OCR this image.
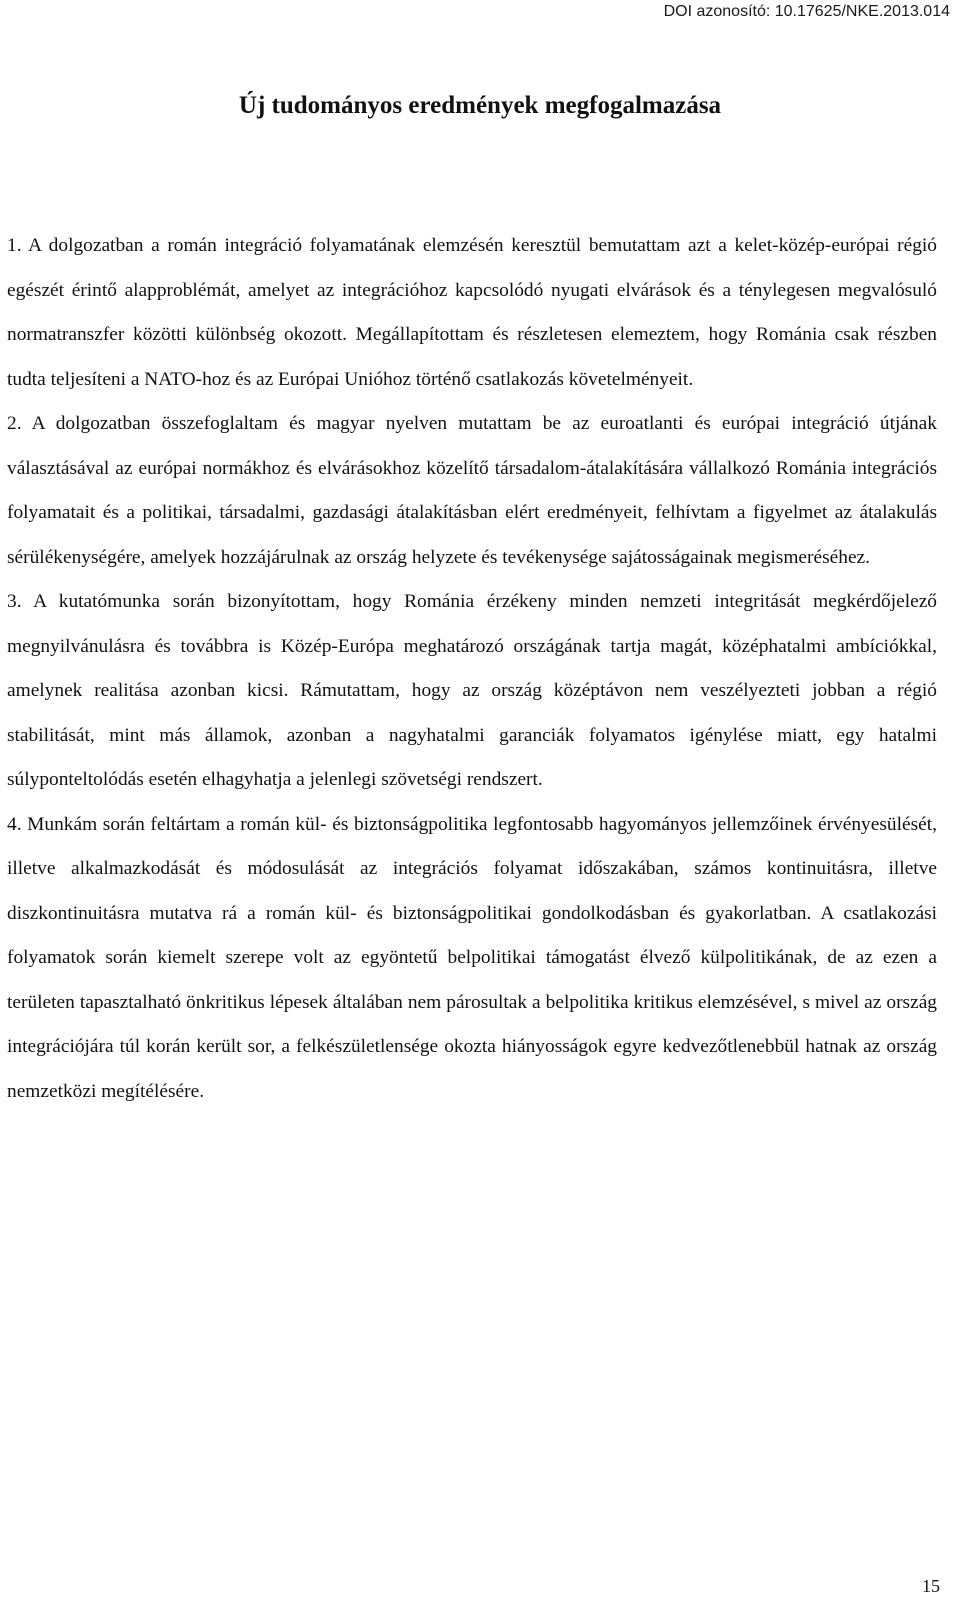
DOI azonosító: 10.17625/NKE.2013.014
Új tudományos eredmények megfogalmazása

1. A dolgozatban a román integráció folyamatának elemzésén keresztül bemutattam azt a kelet-közép-európai régió egészét érintő alapproblémát, amelyet az integrációhoz kapcsolódó nyugati elvárások és a ténylegesen megvalósuló normatranszfer közötti különbség okozott. Megállapítottam és részletesen elemeztem, hogy Románia csak részben tudta teljesíteni a NATO-hoz és az Európai Unióhoz történő csatlakozás követelményeit.

2. A dolgozatban összefoglaltam és magyar nyelven mutattam be az euroatlanti és európai integráció útjának választásával az európai normákhoz és elvárásokhoz közelítő társadalom-átalakítására vállalkozó Románia integrációs folyamatait és a politikai, társadalmi, gazdasági átalakításban elért eredményeit, felhívtam a figyelmet az átalakulás sérülékenységére, amelyek hozzájárulnak az ország helyzete és tevékenysége sajátosságainak megismeréséhez.

3. A kutatómunka során bizonyítottam, hogy Románia érzékeny minden nemzeti integritását megkérdőjelező megnyilvánulásra és továbbra is Közép-Európa meghatározó országának tartja magát, középhatalmi ambíciókkal, amelynek realitása azonban kicsi. Rámutattam, hogy az ország középtávon nem veszélyezteti jobban a régió stabilitását, mint más államok, azonban a nagyhatalmi garanciák folyamatos igénylése miatt, egy hatalmi súlyponteltolódás esetén elhagyhatja a jelenlegi szövetségi rendszert.

4. Munkám során feltártam a román kül- és biztonságpolitika legfontosabb hagyományos jellemzőinek érvényesülését, illetve alkalmazkodását és módosulását az integrációs folyamat időszakában, számos kontinuitásra, illetve diszkontinuitásra mutatva rá a román kül- és biztonságpolitikai gondolkodásban és gyakorlatban. A csatlakozási folyamatok során kiemelt szerepe volt az egyöntetű belpolitikai támogatást élvező külpolitikának, de az ezen a területen tapasztalható önkritikus lépesek általában nem párosultak a belpolitika kritikus elemzésével, s mivel az ország integrációjára túl korán került sor, a felkészületlensége okozta hiányosságok egyre kedvezőtlenebbül hatnak az ország nemzetközi megítélésére.

15
